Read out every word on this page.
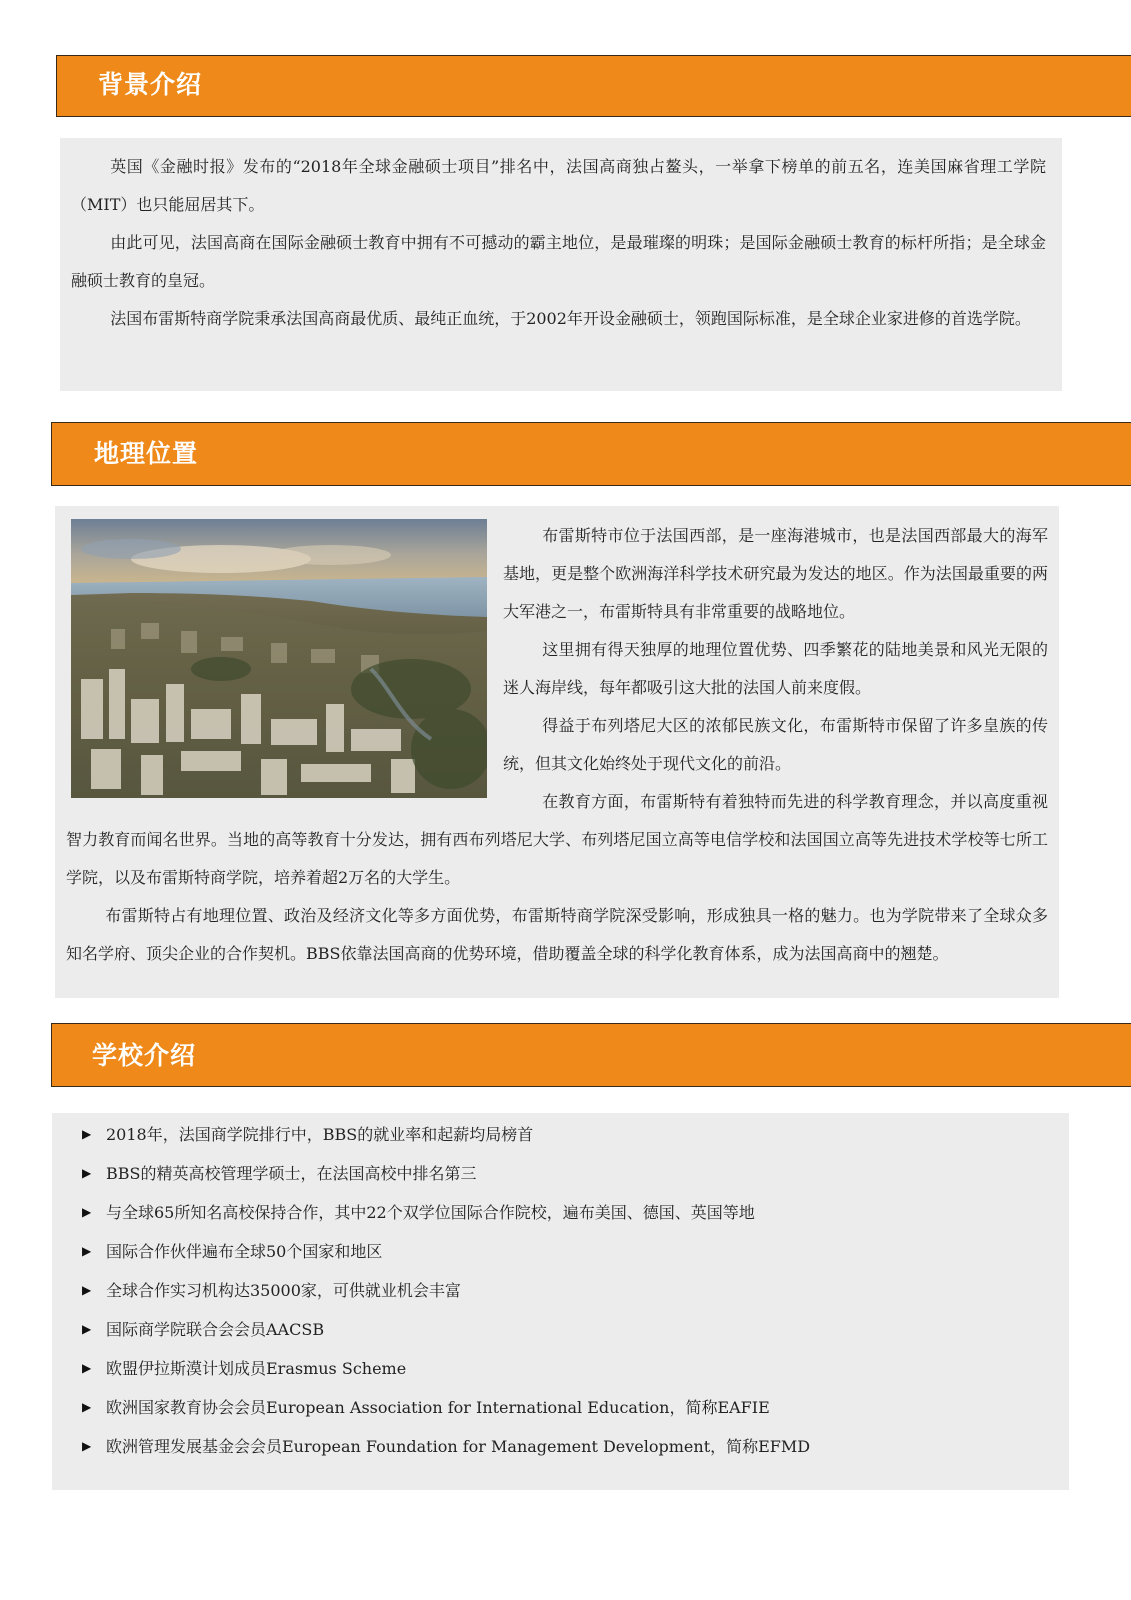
背景介绍

英国《金融时报》发布的“2018年全球金融硕士项目”排名中，法国高商独占鳌头，一举拿下榜单的前五名，连美国麻省理工学院（MIT）也只能屈居其下。

由此可见，法国高商在国际金融硕士教育中拥有不可撼动的霸主地位，是最璀璨的明珠；是国际金融硕士教育的标杆所指；是全球金融硕士教育的皇冠。

法国布雷斯特商学院秉承法国高商最优质、最纯正血统，于2002年开设金融硕士，领跑国际标准，是全球企业家进修的首选学院。

地理位置

布雷斯特市位于法国西部，是一座海港城市，也是法国西部最大的海军基地，更是整个欧洲海洋科学技术研究最为发达的地区。作为法国最重要的两大军港之一，布雷斯特具有非常重要的战略地位。

这里拥有得天独厚的地理位置优势、四季繁花的陆地美景和风光无限的迷人海岸线，每年都吸引这大批的法国人前来度假。

得益于布列塔尼大区的浓郁民族文化，布雷斯特市保留了许多皇族的传统，但其文化始终处于现代文化的前沿。

在教育方面，布雷斯特有着独特而先进的科学教育理念，并以高度重视智力教育而闻名世界。当地的高等教育十分发达，拥有西布列塔尼大学、布列塔尼国立高等电信学校和法国国立高等先进技术学校等七所工学院，以及布雷斯特商学院，培养着超2万名的大学生。

布雷斯特占有地理位置、政治及经济文化等多方面优势，布雷斯特商学院深受影响，形成独具一格的魅力。也为学院带来了全球众多知名学府、顶尖企业的合作契机。BBS依靠法国高商的优势环境，借助覆盖全球的科学化教育体系，成为法国高商中的翘楚。

学校介绍
▶ 2018年，法国商学院排行中，BBS的就业率和起薪均局榜首
▶ BBS的精英高校管理学硕士，在法国高校中排名第三
▶ 与全球65所知名高校保持合作，其中22个双学位国际合作院校，遍布美国、德国、英国等地
▶ 国际合作伙伴遍布全球50个国家和地区
▶ 全球合作实习机构达35000家，可供就业机会丰富
▶ 国际商学院联合会会员AACSB
▶ 欧盟伊拉斯漠计划成员Erasmus Scheme
▶ 欧洲国家教育协会会员European Association for International Education，简称EAFIE
▶ 欧洲管理发展基金会会员European Foundation for Management Development，简称EFMD
